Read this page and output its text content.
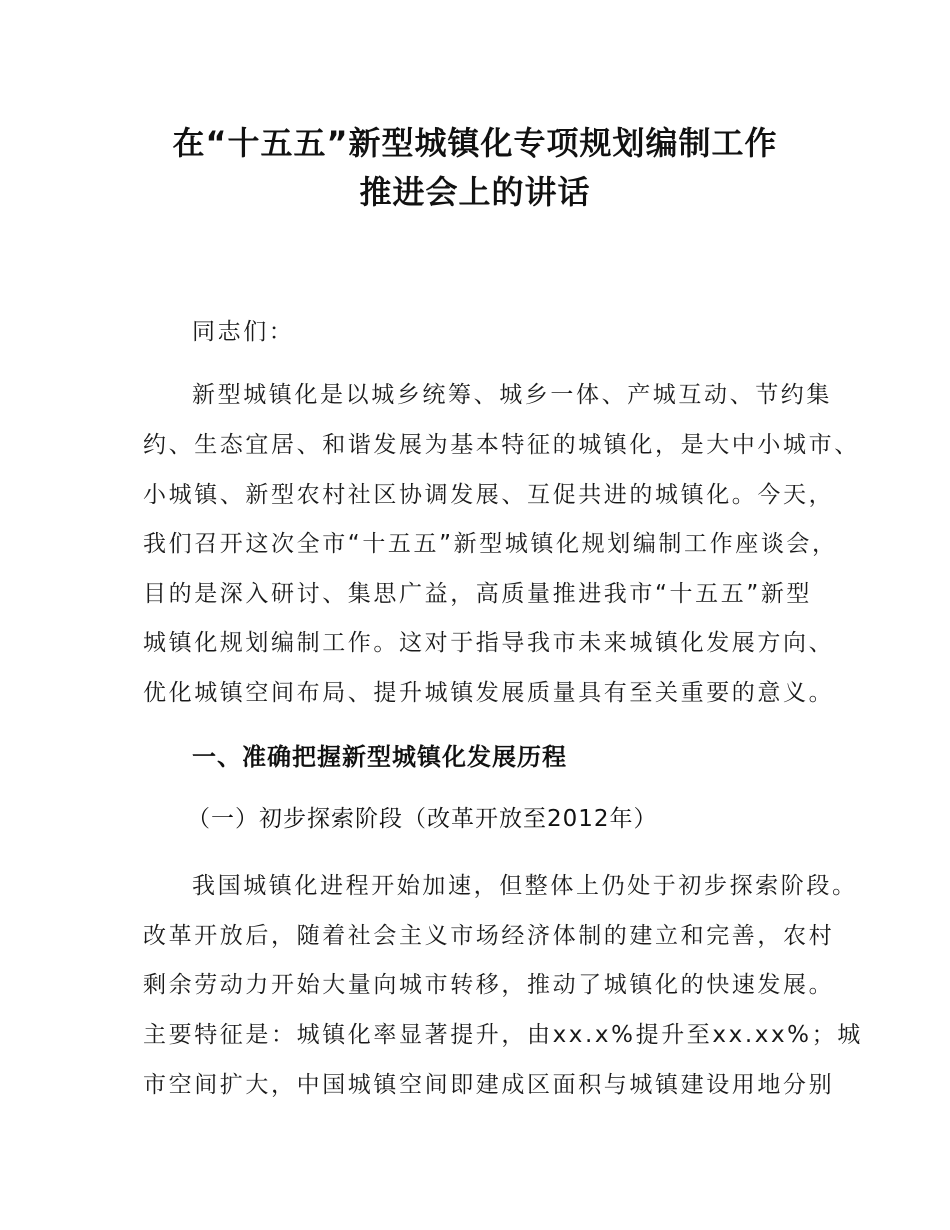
在“十五五”新型城镇化专项规划编制工作
推进会上的讲话
同志们：
新型城镇化是以城乡统筹、城乡一体、产城互动、节约集
约、生态宜居、和谐发展为基本特征的城镇化，是大中小城市、
小城镇、新型农村社区协调发展、互促共进的城镇化。今天，
我们召开这次全市“十五五”新型城镇化规划编制工作座谈会，
目的是深入研讨、集思广益，高质量推进我市“十五五”新型
城镇化规划编制工作。这对于指导我市未来城镇化发展方向、
优化城镇空间布局、提升城镇发展质量具有至关重要的意义。
一、准确把握新型城镇化发展历程
（一）初步探索阶段（改革开放至2012年）
我国城镇化进程开始加速，但整体上仍处于初步探索阶段。
改革开放后，随着社会主义市场经济体制的建立和完善，农村
剩余劳动力开始大量向城市转移，推动了城镇化的快速发展。
主要特征是：城镇化率显著提升，由xx.x%提升至xx.xx%；城
市空间扩大，中国城镇空间即建成区面积与城镇建设用地分别
